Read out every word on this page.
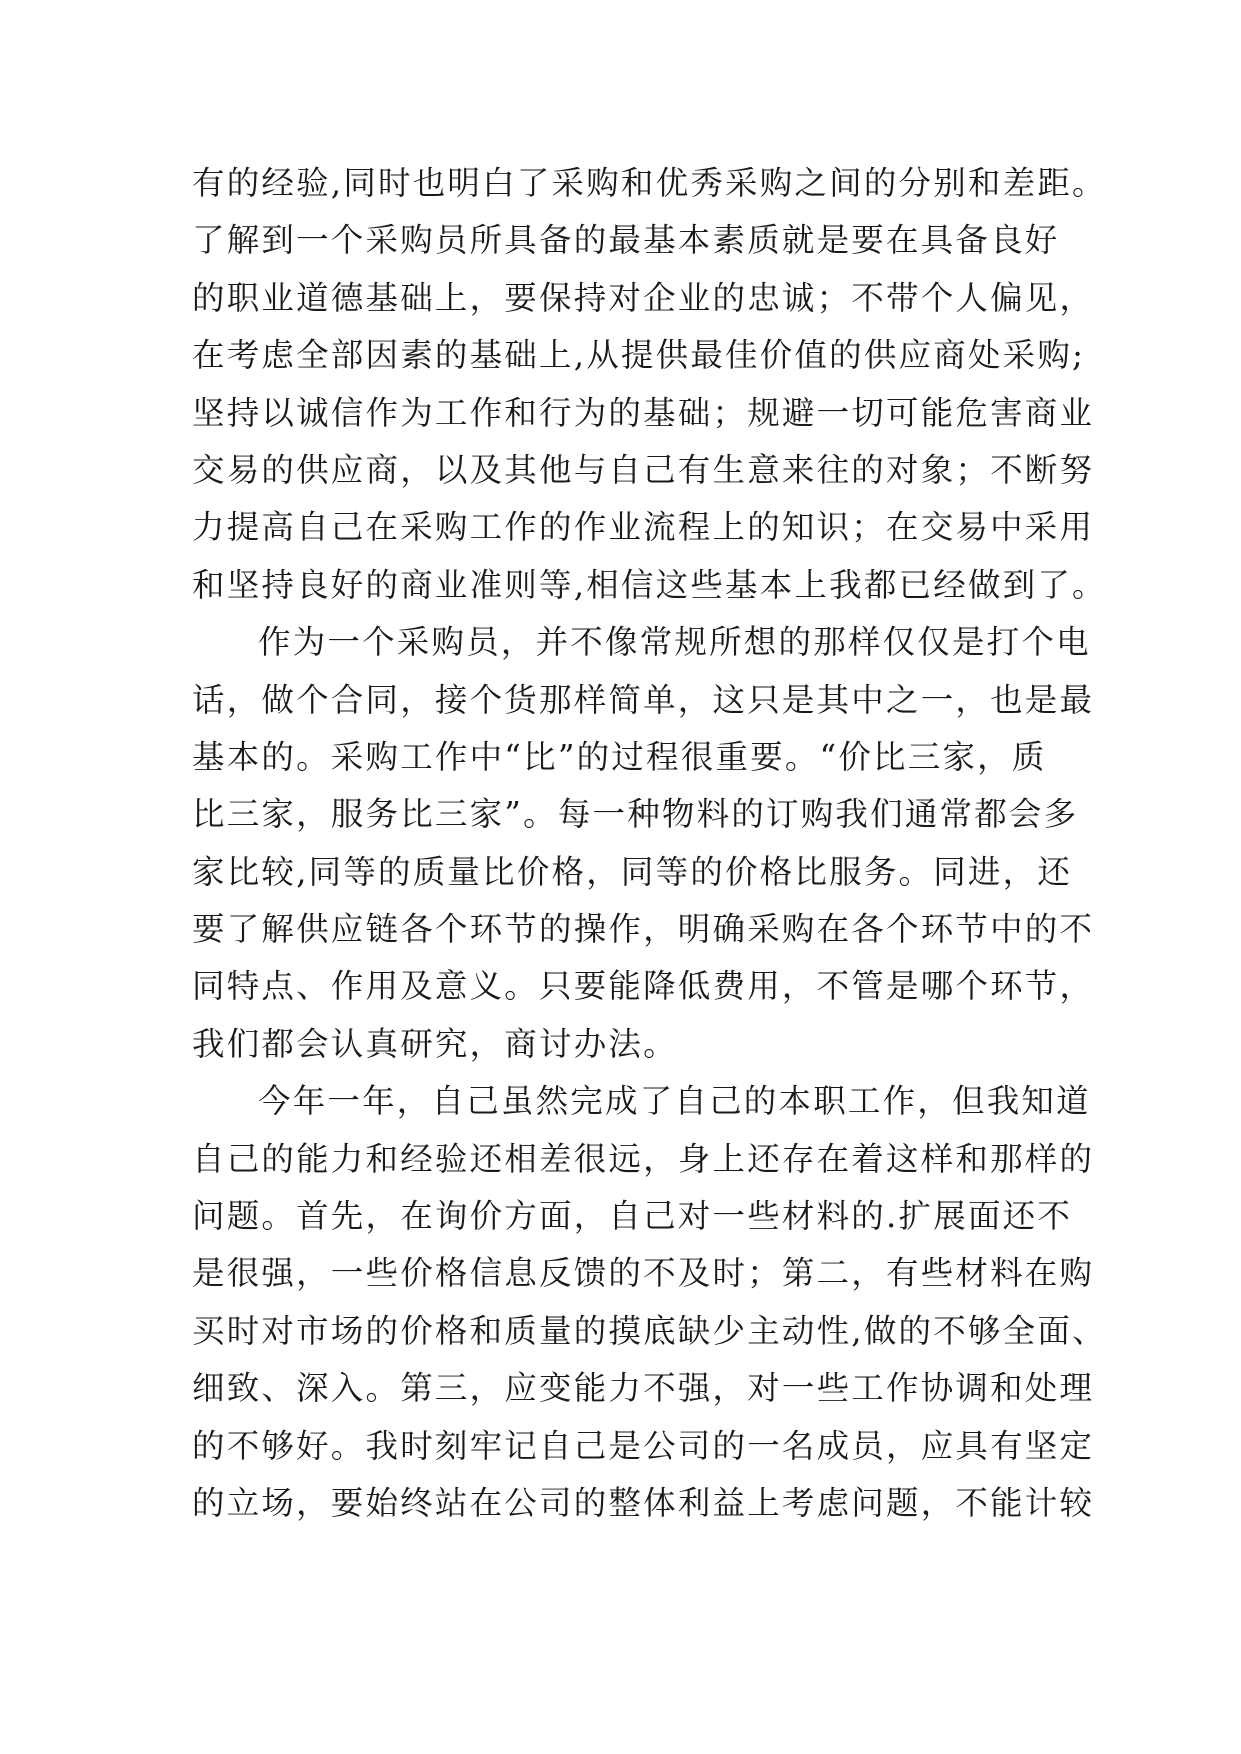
有的经验,同时也明白了采购和优秀采购之间的分别和差距。
了解到一个采购员所具备的最基本素质就是要在具备良好
的职业道德基础上，要保持对企业的忠诚；不带个人偏见，
在考虑全部因素的基础上,从提供最佳价值的供应商处采购;
坚持以诚信作为工作和行为的基础；规避一切可能危害商业
交易的供应商，以及其他与自己有生意来往的对象；不断努
力提高自己在采购工作的作业流程上的知识；在交易中采用
和坚持良好的商业准则等,相信这些基本上我都已经做到了。
作为一个采购员，并不像常规所想的那样仅仅是打个电
话，做个合同，接个货那样简单，这只是其中之一，也是最
基本的。采购工作中“比”的过程很重要。“价比三家，质
比三家，服务比三家”。每一种物料的订购我们通常都会多
家比较,同等的质量比价格，同等的价格比服务。同进，还
要了解供应链各个环节的操作，明确采购在各个环节中的不
同特点、作用及意义。只要能降低费用，不管是哪个环节，
我们都会认真研究，商讨办法。
今年一年，自己虽然完成了自己的本职工作，但我知道
自己的能力和经验还相差很远，身上还存在着这样和那样的
问题。首先，在询价方面，自己对一些材料的.扩展面还不
是很强，一些价格信息反馈的不及时；第二，有些材料在购
买时对市场的价格和质量的摸底缺少主动性,做的不够全面、
细致、深入。第三，应变能力不强，对一些工作协调和处理
的不够好。我时刻牢记自己是公司的一名成员，应具有坚定
的立场，要始终站在公司的整体利益上考虑问题，不能计较
